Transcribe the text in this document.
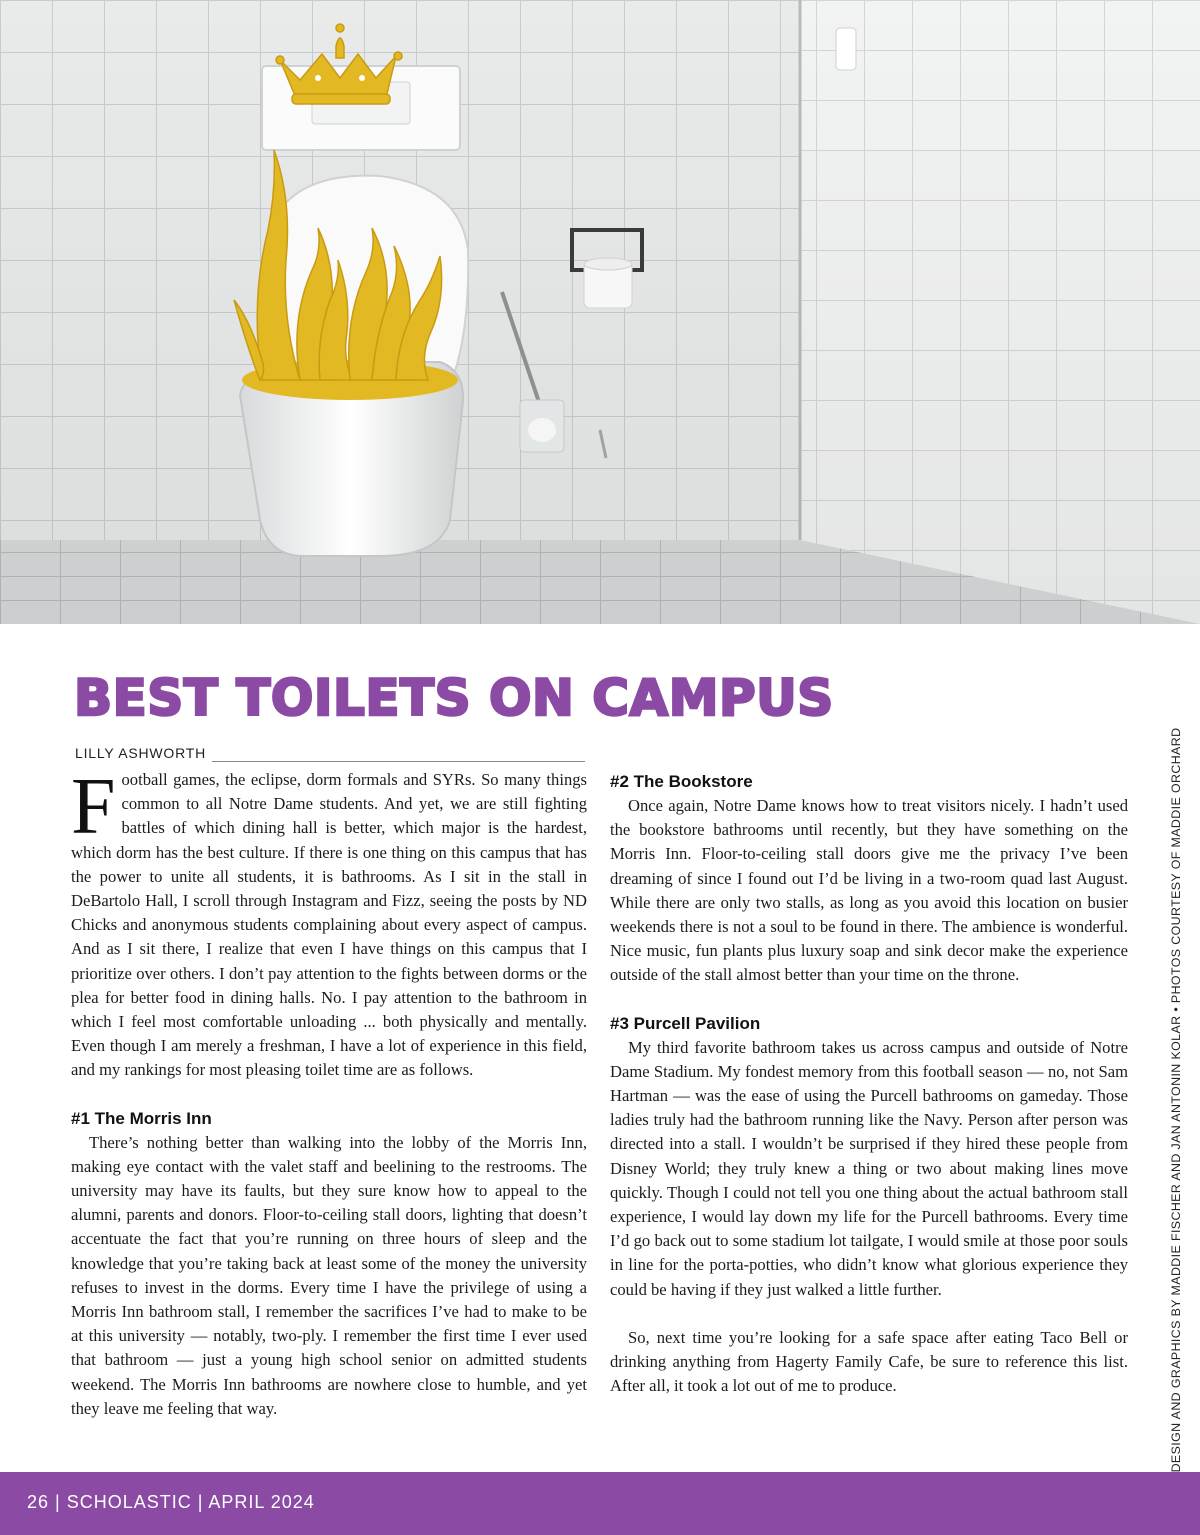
BEST TOILETS ON CAMPUS
LILLY ASHWORTH

Football games, the eclipse, dorm formals and SYRs. So many things common to all Notre Dame students. And yet, we are still fighting battles of which dining hall is better, which major is the hardest, which dorm has the best culture. If there is one thing on this campus that has the power to unite all students, it is bathrooms. As I sit in the stall in DeBartolo Hall, I scroll through Instagram and Fizz, seeing the posts by ND Chicks and anonymous students complaining about every aspect of campus. And as I sit there, I realize that even I have things on this campus that I prioritize over others. I don’t pay attention to the fights between dorms or the plea for better food in dining halls. No. I pay attention to the bathroom in which I feel most comfortable unloading ... both physically and mentally. Even though I am merely a freshman, I have a lot of experience in this field, and my rankings for most pleasing toilet time are as follows.

#1 The Morris Inn

There’s nothing better than walking into the lobby of the Morris Inn, making eye contact with the valet staff and beelining to the restrooms. The university may have its faults, but they sure know how to appeal to the alumni, parents and donors. Floor-to-ceiling stall doors, lighting that doesn’t accentuate the fact that you’re running on three hours of sleep and the knowledge that you’re taking back at least some of the money the university refuses to invest in the dorms. Every time I have the privilege of using a Morris Inn bathroom stall, I remember the sacrifices I’ve had to make to be at this university — notably, two-ply. I remember the first time I ever used that bathroom — just a young high school senior on admitted students weekend. The Morris Inn bathrooms are nowhere close to humble, and yet they leave me feeling that way.

#2 The Bookstore

Once again, Notre Dame knows how to treat visitors nicely. I hadn’t used the bookstore bathrooms until recently, but they have something on the Morris Inn. Floor-to-ceiling stall doors give me the privacy I’ve been dreaming of since I found out I’d be living in a two-room quad last August. While there are only two stalls, as long as you avoid this location on busier weekends there is not a soul to be found in there. The ambience is wonderful. Nice music, fun plants plus luxury soap and sink decor make the experience outside of the stall almost better than your time on the throne.

#3 Purcell Pavilion

My third favorite bathroom takes us across campus and outside of Notre Dame Stadium. My fondest memory from this football season — no, not Sam Hartman — was the ease of using the Purcell bathrooms on gameday. Those ladies truly had the bathroom running like the Navy. Person after person was directed into a stall. I wouldn’t be surprised if they hired these people from Disney World; they truly knew a thing or two about making lines move quickly. Though I could not tell you one thing about the actual bathroom stall experience, I would lay down my life for the Purcell bathrooms. Every time I’d go back out to some stadium lot tailgate, I would smile at those poor souls in line for the porta-potties, who didn’t know what glorious experience they could be having if they just walked a little further.

So, next time you’re looking for a safe space after eating Taco Bell or drinking anything from Hagerty Family Cafe, be sure to reference this list. After all, it took a lot out of me to produce.	DESIGN AND GRAPHICS BY MADDIE FISCHER AND JAN ANTONIN KOLAR • PHOTOS COURTESY OF MADDIE ORCHARD
26 | SCHOLASTIC | APRIL 2024
